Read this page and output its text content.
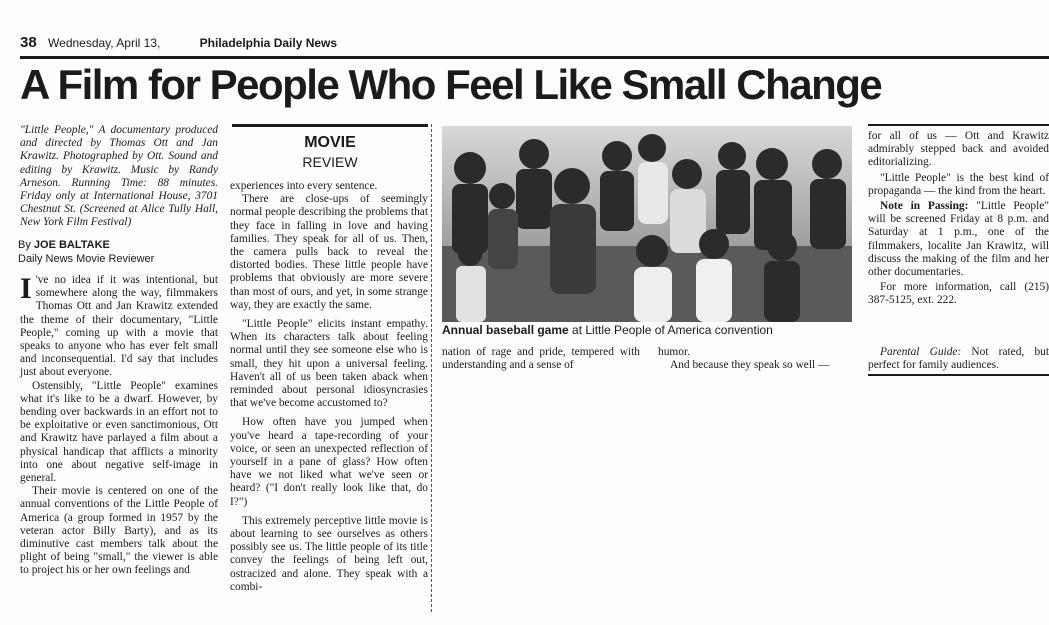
38 Wednesday, April 13,	Philadelphia Daily News
A Film for People Who Feel Like Small Change
"Little People," A documentary produced and directed by Thomas Ott and Jan Krawitz. Photographed by Ott. Sound and editing by Krawitz. Music by Randy Arneson. Running Time: 88 minutes. Friday only at International House, 3701 Chestnut St. (Screened at Alice Tully Hall, New York Film Festival)
By JOE BALTAKE
Daily News Movie Reviewer

I 've no idea if it was intentional, but somewhere along the way, filmmakers Thomas Ott and Jan Krawitz extended the theme of their documentary, "Little People," coming up with a movie that speaks to anyone who has ever felt small and inconsequential. I'd say that includes just about everyone.

Ostensibly, "Little People" examines what it's like to be a dwarf. However, by bending over backwards in an effort not to be exploitative or even sanctimonious, Ott and Krawitz have parlayed a film about a physical handicap that afflicts a minority into one about negative self-image in general.

Their movie is centered on one of the annual conventions of the Little People of America (a group formed in 1957 by the veteran actor Billy Barty), and as its diminutive cast members talk about the plight of being "small," the viewer is able to project his or her own feelings and

MOVIE
REVIEW

experiences into every sentence.

There are close-ups of seemingly normal people describing the problems that they face in falling in love and having families. They speak for all of us. Then, the camera pulls back to reveal the distorted bodies. These little people have problems that obviously are more severe than most of ours, and yet, in some strange way, they are exactly the same.

"Little People" elicits instant empathy. When its characters talk about feeling normal until they see someone else who is small, they hit upon a universal feeling. Haven't all of us been taken aback when reminded about personal idiosyncrasies that we've become accustomed to?

How often have you jumped when you've heard a tape-recording of your voice, or seen an unexpected reflection of yourself in a pane of glass? How often have we not liked what we've seen or heard? ("I don't really look like that, do I?")

This extremely perceptive little movie is about learning to see ourselves as others possibly see us. The little people of its title convey the feelings of being left out, ostracized and alone. They speak with a combi-

Annual baseball game at Little People of America convention

nation of rage and pride, tempered with understanding and a sense of

humor.

And because they speak so well —

for all of us — Ott and Krawitz admirably stepped back and avoided editorializing.

"Little People" is the best kind of propaganda — the kind from the heart.

Note in Passing: "Little People" will be screened Friday at 8 p.m. and Saturday at 1 p.m., one of the filmmakers, localite Jan Krawitz, will discuss the making of the film and her other documentaries.

For more information, call (215) 387-5125, ext. 222.

Parental Guide: Not rated, but perfect for family audiences.
